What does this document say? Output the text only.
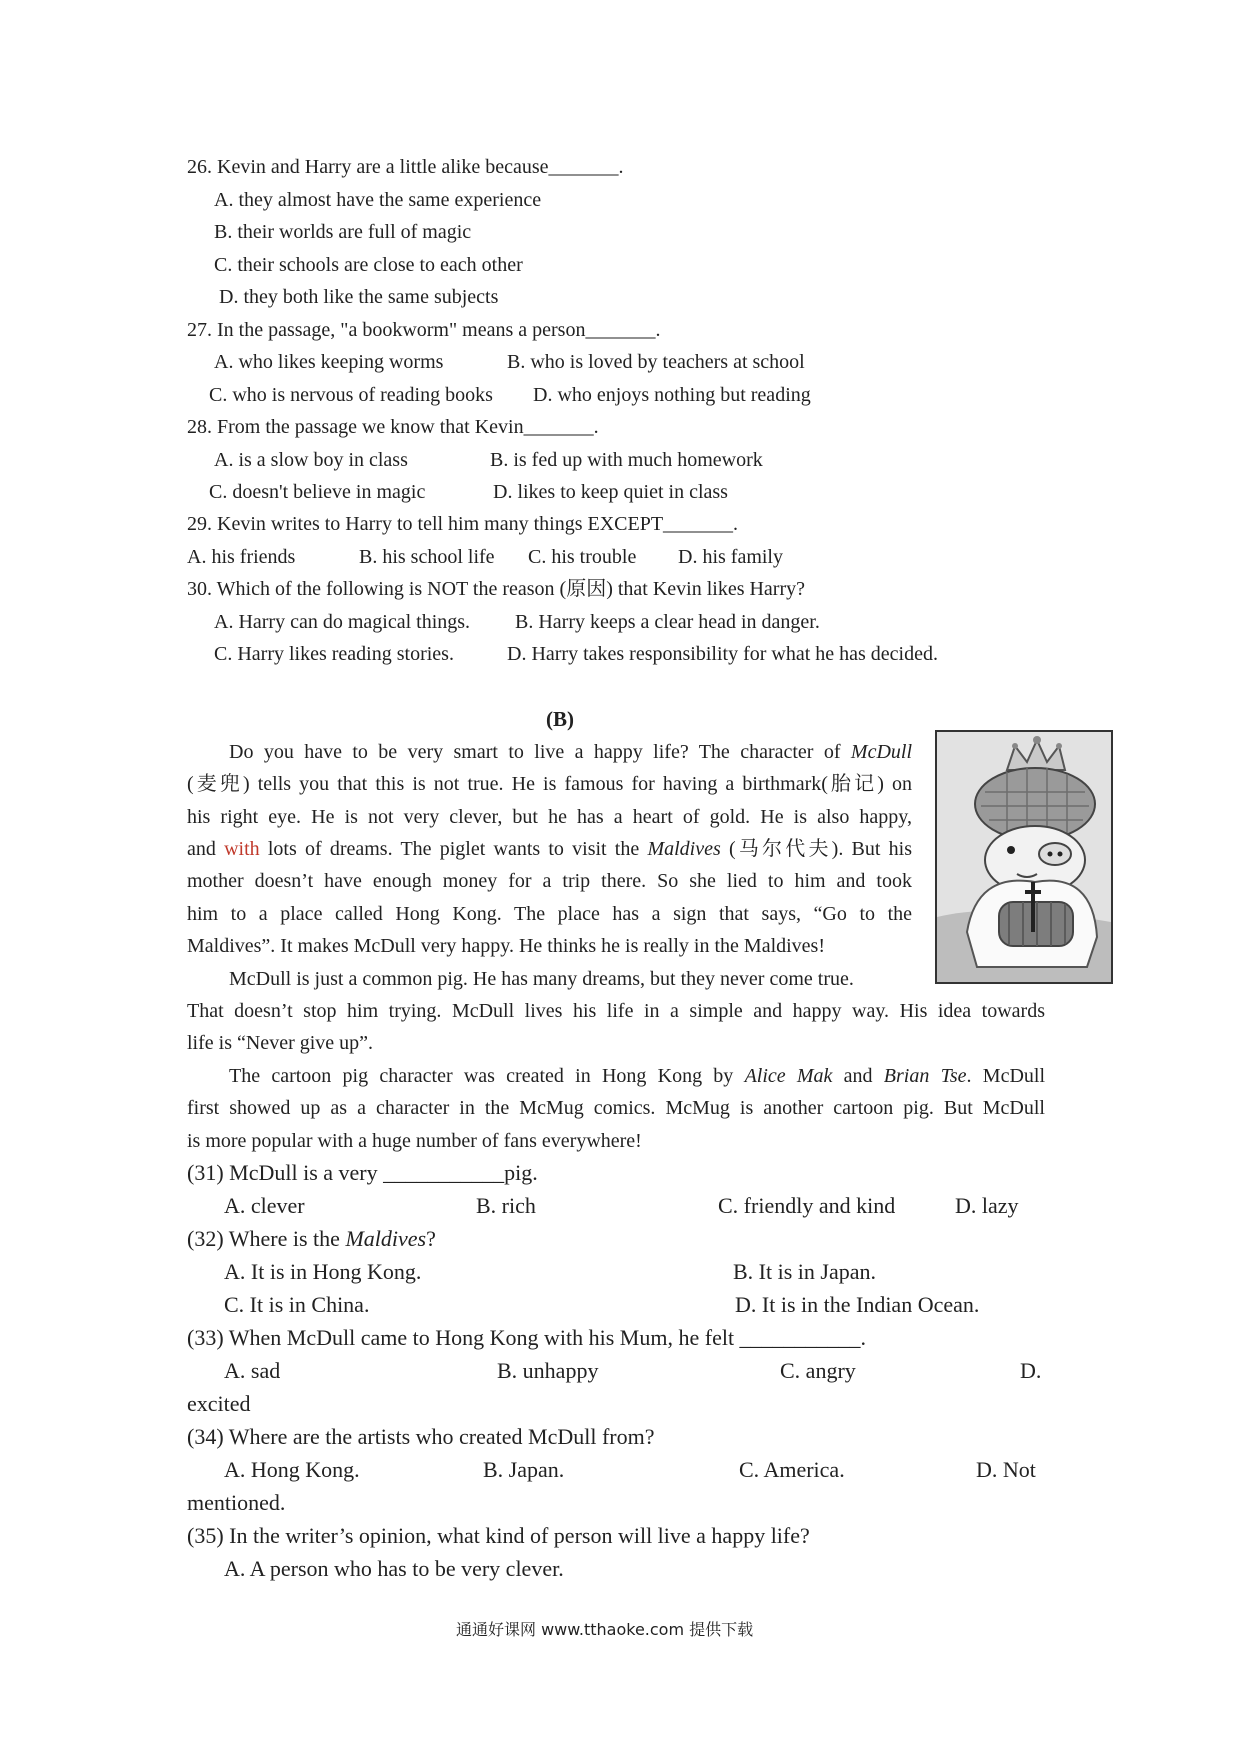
26. Kevin and Harry are a little alike because_______.
A. they almost have the same experience
B. their worlds are full of magic
C. their schools are close to each other
D. they both like the same subjects
27. In the passage, "a bookworm" means a person_______.
A. who likes keeping worms	B. who is loved by teachers at school
C. who is nervous of reading books D. who enjoys nothing but reading
28. From the passage we know that Kevin_______.
A. is a slow boy in class	B. is fed up with much homework
C. doesn't believe in magic	D. likes to keep quiet in class
29. Kevin writes to Harry to tell him many things EXCEPT_______.
A. his friends	B. his school life C. his trouble D. his family
30. Which of the following is NOT the reason (原因) that Kevin likes Harry?
A. Harry can do magical things. B. Harry keeps a clear head in danger.
C. Harry likes reading stories.	D. Harry takes responsibility for what he has decided.
(B)
Do you have to be very smart to live a happy life? The character of McDull
(麦兜) tells you that this is not true. He is famous for having a birthmark(胎记) on
his right eye. He is not very clever, but he has a heart of gold. He is also happy,
and with lots of dreams. The piglet wants to visit the Maldives (马尔代夫). But his
mother doesn’t have enough money for a trip there. So she lied to him and took
him to a place called Hong Kong. The place has a sign that says, “Go to the
Maldives”. It makes McDull very happy. He thinks he is really in the Maldives!
McDull is just a common pig. He has many dreams, but they never come true.
That doesn’t stop him trying. McDull lives his life in a simple and happy way. His idea towards
life is “Never give up”.
The cartoon pig character was created in Hong Kong by Alice Mak and Brian Tse. McDull
first showed up as a character in the McMug comics. McMug is another cartoon pig. But McDull
is more popular with a huge number of fans everywhere!
(31) McDull is a very ___________pig.
A. clever	B. rich	C. friendly and kind	D. lazy
(32) Where is the Maldives?
A. It is in Hong Kong.	B. It is in Japan.
C. It is in China.	D. It is in the Indian Ocean.
(33) When McDull came to Hong Kong with his Mum, he felt ___________.
A. sad	B. unhappy	C. angry	D.
excited
(34) Where are the artists who created McDull from?
A. Hong Kong.	B. Japan.	C. America.	D. Not
mentioned.
(35) In the writer’s opinion, what kind of person will live a happy life?
A. A person who has to be very clever.
通通好课网 www.tthaoke.com 提供下载
